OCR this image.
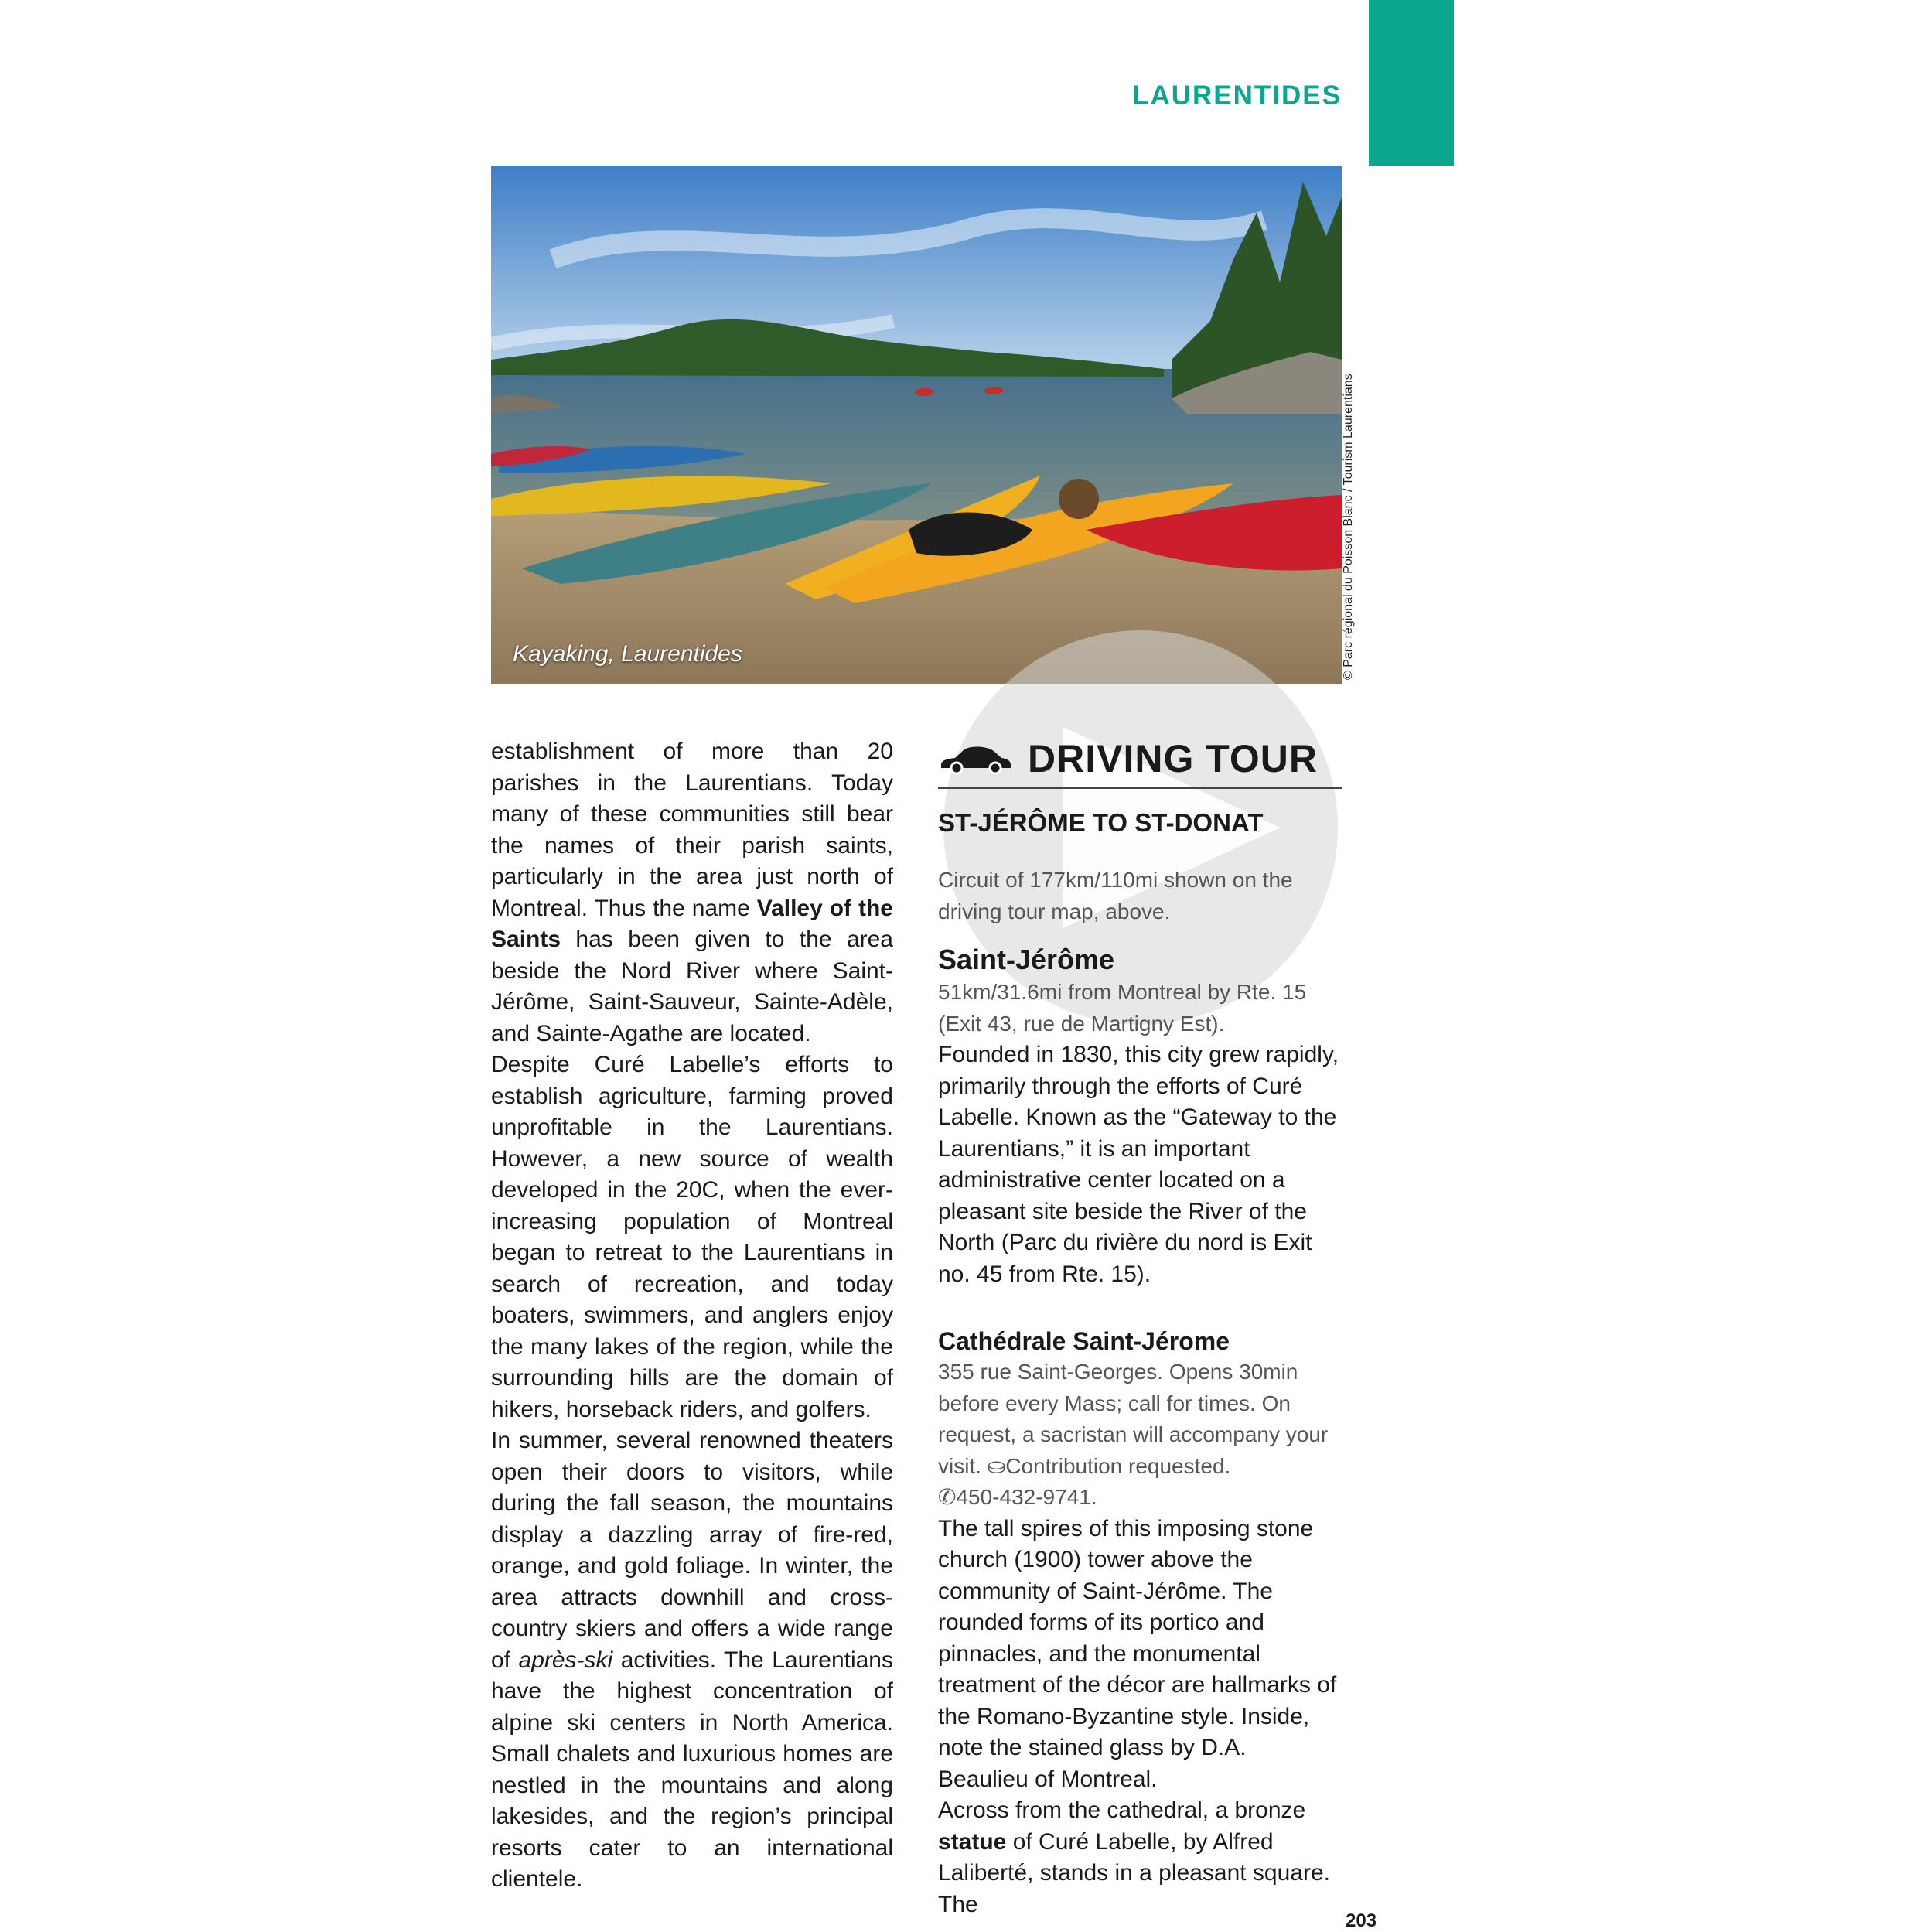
LAURENTIDES
Kayaking, Laurentides	© Parc régional du Poisson Blanc / Tourism Laurentians

establishment of more than 20 parishes in the Laurentians. Today many of these communities still bear the names of their parish saints, particularly in the area just north of Montreal. Thus the name Valley of the Saints has been given to the area beside the Nord River where Saint-Jérôme, Saint-Sauveur, Sainte-Adèle, and Sainte-Agathe are located.

Despite Curé Labelle’s efforts to establish agriculture, farming proved unprofitable in the Laurentians. However, a new source of wealth developed in the 20C, when the ever-increasing population of Montreal began to retreat to the Laurentians in search of recreation, and today boaters, swimmers, and anglers enjoy the many lakes of the region, while the surrounding hills are the domain of hikers, horseback riders, and golfers.

In summer, several renowned theaters open their doors to visitors, while during the fall season, the mountains display a dazzling array of fire-red, orange, and gold foliage. In winter, the area attracts downhill and cross-country skiers and offers a wide range of après-ski activities. The Laurentians have the highest concentration of alpine ski centers in North America. Small chalets and luxurious homes are nestled in the mountains and along lakesides, and the region’s principal resorts cater to an international clientele.

DRIVING TOUR
ST-JÉRÔME TO ST-DONAT

Circuit of 177km/110mi shown on the driving tour map, above.

Saint-Jérôme

51km/31.6mi from Montreal by Rte. 15 (Exit 43, rue de Martigny Est).

Founded in 1830, this city grew rapidly, primarily through the efforts of Curé Labelle. Known as the “Gateway to the Laurentians,” it is an important administrative center located on a pleasant site beside the River of the North (Parc du rivière du nord is Exit no. 45 from Rte. 15).

Cathédrale Saint-Jérome

355 rue Saint-Georges. Opens 30min before every Mass; call for times. On request, a sacristan will accompany your visit. ⛀Contribution requested.
✆450-432-9741.

The tall spires of this imposing stone church (1900) tower above the community of Saint-Jérôme. The rounded forms of its portico and pinnacles, and the monumental treatment of the décor are hallmarks of the Romano-Byzantine style. Inside, note the stained glass by D.A. Beaulieu of Montreal.

Across from the cathedral, a bronze statue of Curé Labelle, by Alfred Laliberté, stands in a pleasant square. The

203
